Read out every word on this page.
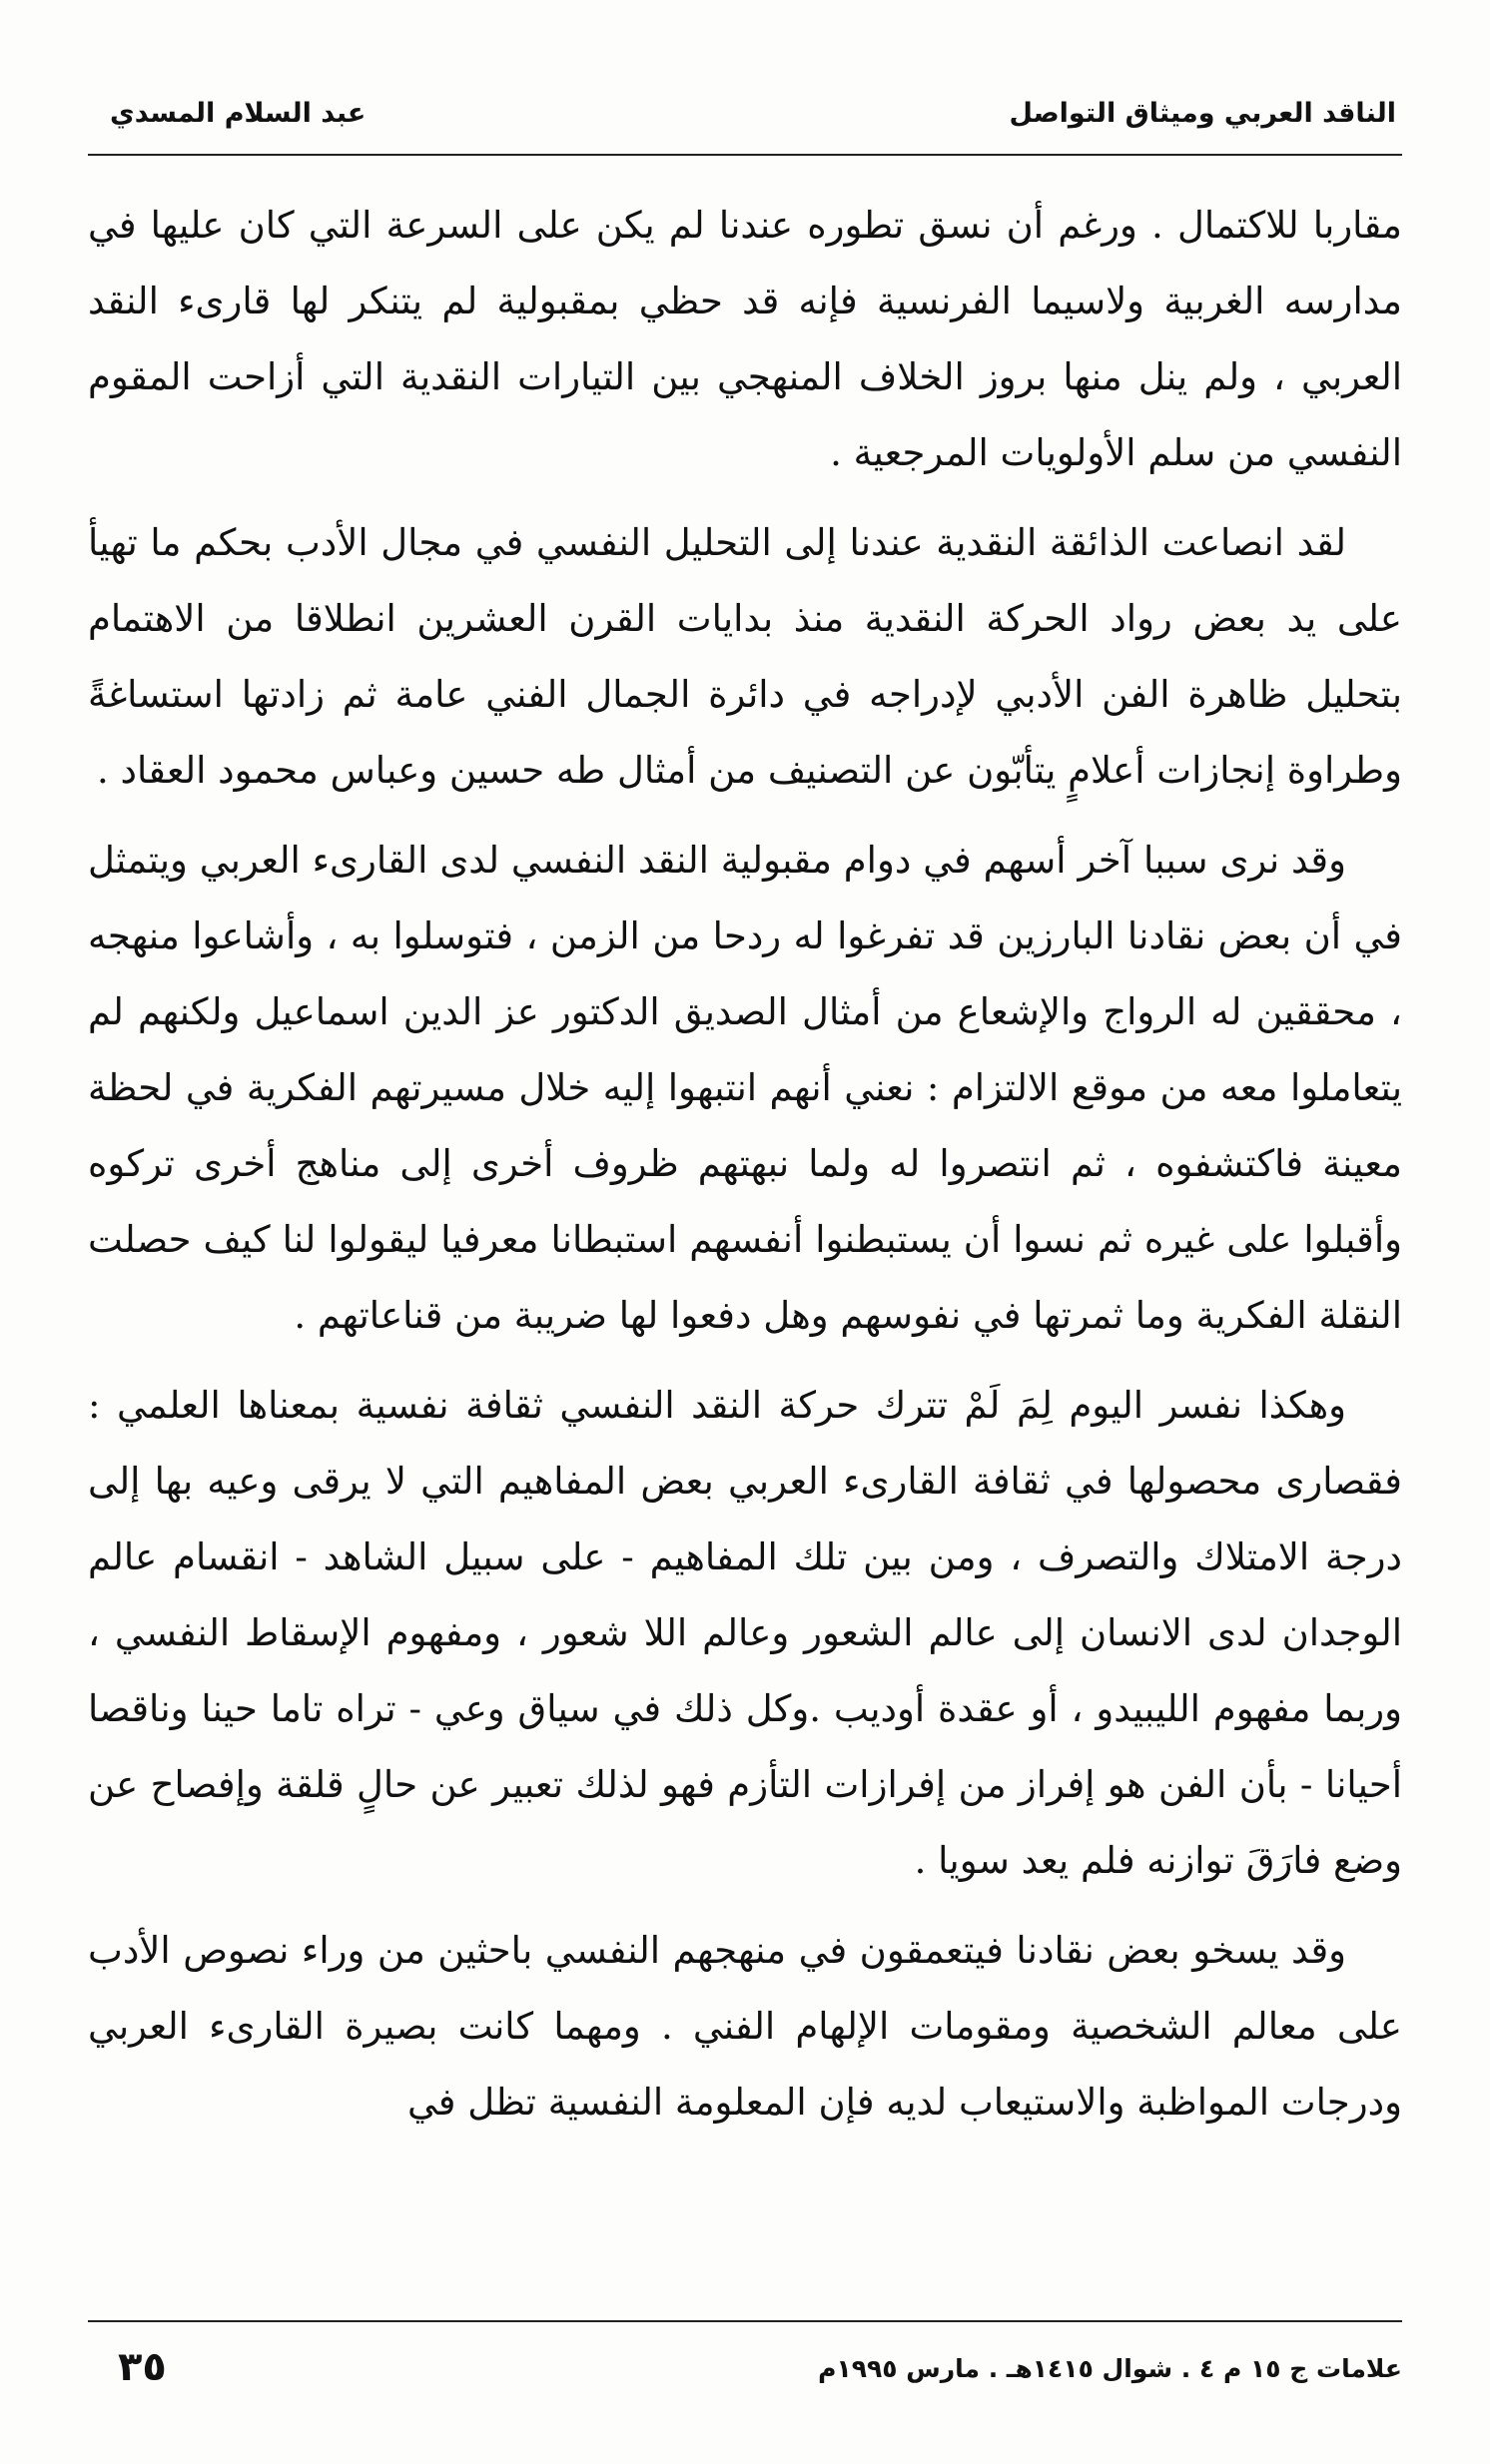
الناقد العربي وميثاق التواصل
عبد السلام المسدي

مقاربا للاكتمال . ورغم أن نسق تطوره عندنا لم يكن على السرعة التي كان عليها في مدارسه الغربية ولاسيما الفرنسية فإنه قد حظي بمقبولية لم يتنكر لها قارىء النقد العربي ، ولم ينل منها بروز الخلاف المنهجي بين التيارات النقدية التي أزاحت المقوم النفسي من سلم الأولويات المرجعية .

لقد انصاعت الذائقة النقدية عندنا إلى التحليل النفسي في مجال الأدب بحكم ما تهيأ على يد بعض رواد الحركة النقدية منذ بدايات القرن العشرين انطلاقا من الاهتمام بتحليل ظاهرة الفن الأدبي لإدراجه في دائرة الجمال الفني عامة ثم زادتها استساغةً وطراوة إنجازات أعلامٍ يتأبّون عن التصنيف من أمثال طه حسين وعباس محمود العقاد .

وقد نرى سببا آخر أسهم في دوام مقبولية النقد النفسي لدى القارىء العربي ويتمثل في أن بعض نقادنا البارزين قد تفرغوا له ردحا من الزمن ، فتوسلوا به ، وأشاعوا منهجه ، محققين له الرواج والإشعاع من أمثال الصديق الدكتور عز الدين اسماعيل ولكنهم لم يتعاملوا معه من موقع الالتزام : نعني أنهم انتبهوا إليه خلال مسيرتهم الفكرية في لحظة معينة فاكتشفوه ، ثم انتصروا له ولما نبهتهم ظروف أخرى إلى مناهج أخرى تركوه وأقبلوا على غيره ثم نسوا أن يستبطنوا أنفسهم استبطانا معرفيا ليقولوا لنا كيف حصلت النقلة الفكرية وما ثمرتها في نفوسهم وهل دفعوا لها ضريبة من قناعاتهم .

وهكذا نفسر اليوم لِمَ لَمْ تترك حركة النقد النفسي ثقافة نفسية بمعناها العلمي : فقصارى محصولها في ثقافة القارىء العربي بعض المفاهيم التي لا يرقى وعيه بها إلى درجة الامتلاك والتصرف ، ومن بين تلك المفاهيم - على سبيل الشاهد - انقسام عالم الوجدان لدى الانسان إلى عالم الشعور وعالم اللا شعور ، ومفهوم الإسقاط النفسي ، وربما مفهوم الليبيدو ، أو عقدة أوديب .وكل ذلك في سياق وعي - تراه تاما حينا وناقصا أحيانا - بأن الفن هو إفراز من إفرازات التأزم فهو لذلك تعبير عن حالٍ قلقة وإفصاح عن وضع فارَقَ توازنه فلم يعد سويا .

وقد يسخو بعض نقادنا فيتعمقون في منهجهم النفسي باحثين من وراء نصوص الأدب على معالم الشخصية ومقومات الإلهام الفني . ومهما كانت بصيرة القارىء العربي ودرجات المواظبة والاستيعاب لديه فإن المعلومة النفسية تظل في

علامات ج ١٥ م ٤ . شوال ١٤١٥هـ . مارس ١٩٩٥م
٣٥
